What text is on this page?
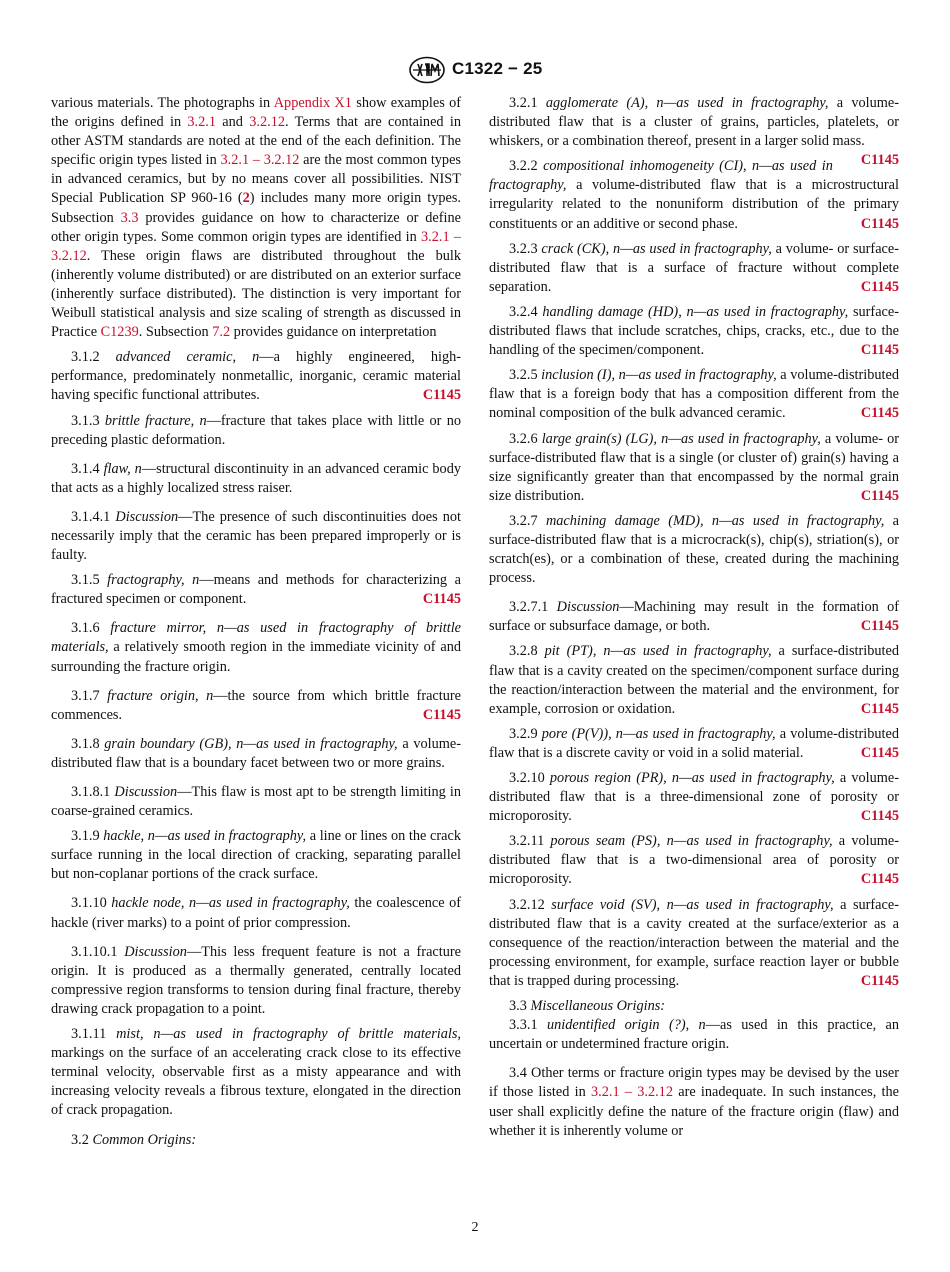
C1322 − 25

various materials. The photographs in Appendix X1 show examples of the origins defined in 3.2.1 and 3.2.12. Terms that are contained in other ASTM standards are noted at the end of the each definition. The specific origin types listed in 3.2.1 – 3.2.12 are the most common types in advanced ceramics, but by no means cover all possibilities. NIST Special Publication SP 960-16 (2) includes many more origin types. Subsection 3.3 provides guidance on how to characterize or define other origin types. Some common origin types are identified in 3.2.1 – 3.2.12. These origin flaws are distributed throughout the bulk (inherently volume distributed) or are distributed on an exterior surface (inherently surface distributed). The distinction is very important for Weibull statistical analysis and size scaling of strength as discussed in Practice C1239. Subsection 7.2 provides guidance on interpretation

3.1.2 advanced ceramic, n—a highly engineered, high-performance, predominately nonmetallic, inorganic, ceramic material having specific functional attributes.	C1145

3.1.3 brittle fracture, n—fracture that takes place with little or no preceding plastic deformation.

3.1.4 flaw, n—structural discontinuity in an advanced ceramic body that acts as a highly localized stress raiser.

3.1.4.1 Discussion—The presence of such discontinuities does not necessarily imply that the ceramic has been prepared improperly or is faulty.

3.1.5 fractography, n—means and methods for characterizing a fractured specimen or component.	C1145

3.1.6 fracture mirror, n—as used in fractography of brittle materials, a relatively smooth region in the immediate vicinity of and surrounding the fracture origin.

3.1.7 fracture origin, n—the source from which brittle fracture commences.	C1145

3.1.8 grain boundary (GB), n—as used in fractography, a volume-distributed flaw that is a boundary facet between two or more grains.

3.1.8.1 Discussion—This flaw is most apt to be strength limiting in coarse-grained ceramics.

3.1.9 hackle, n—as used in fractography, a line or lines on the crack surface running in the local direction of cracking, separating parallel but non-coplanar portions of the crack surface.

3.1.10 hackle node, n—as used in fractography, the coalescence of hackle (river marks) to a point of prior compression.

3.1.10.1 Discussion—This less frequent feature is not a fracture origin. It is produced as a thermally generated, centrally located compressive region transforms to tension during final fracture, thereby drawing crack propagation to a point.

3.1.11 mist, n—as used in fractography of brittle materials, markings on the surface of an accelerating crack close to its effective terminal velocity, observable first as a misty appearance and with increasing velocity reveals a fibrous texture, elongated in the direction of crack propagation.

3.2 Common Origins:

3.2.1 agglomerate (A), n—as used in fractography, a volume-distributed flaw that is a cluster of grains, particles, platelets, or whiskers, or a combination thereof, present in a larger solid mass.
C1145

3.2.2 compositional inhomogeneity (CI), n—as used in fractography, a volume-distributed flaw that is a microstructural irregularity related to the nonuniform distribution of the primary constituents or an additive or second phase.	C1145

3.2.3 crack (CK), n—as used in fractography, a volume- or surface-distributed flaw that is a surface of fracture without complete separation.	C1145

3.2.4 handling damage (HD), n—as used in fractography, surface-distributed flaws that include scratches, chips, cracks, etc., due to the handling of the specimen/component.	C1145

3.2.5 inclusion (I), n—as used in fractography, a volume-distributed flaw that is a foreign body that has a composition different from the nominal composition of the bulk advanced ceramic.	C1145

3.2.6 large grain(s) (LG), n—as used in fractography, a volume- or surface-distributed flaw that is a single (or cluster of) grain(s) having a size significantly greater than that encompassed by the normal grain size distribution.	C1145

3.2.7 machining damage (MD), n—as used in fractography, a surface-distributed flaw that is a microcrack(s), chip(s), striation(s), or scratch(es), or a combination of these, created during the machining process.

3.2.7.1 Discussion—Machining may result in the formation of surface or subsurface damage, or both.	C1145

3.2.8 pit (PT), n—as used in fractography, a surface-distributed flaw that is a cavity created on the specimen/component surface during the reaction/interaction between the material and the environment, for example, corrosion or oxidation.	C1145

3.2.9 pore (P(V)), n—as used in fractography, a volume-distributed flaw that is a discrete cavity or void in a solid material.	C1145

3.2.10 porous region (PR), n—as used in fractography, a volume-distributed flaw that is a three-dimensional zone of porosity or microporosity.	C1145

3.2.11 porous seam (PS), n—as used in fractography, a volume-distributed flaw that is a two-dimensional area of porosity or microporosity.	C1145

3.2.12 surface void (SV), n—as used in fractography, a surface-distributed flaw that is a cavity created at the surface/exterior as a consequence of the reaction/interaction between the material and the processing environment, for example, surface reaction layer or bubble that is trapped during processing.	C1145

3.3 Miscellaneous Origins:

3.3.1 unidentified origin (?), n—as used in this practice, an uncertain or undetermined fracture origin.

3.4 Other terms or fracture origin types may be devised by the user if those listed in 3.2.1 – 3.2.12 are inadequate. In such instances, the user shall explicitly define the nature of the fracture origin (flaw) and whether it is inherently volume or

2
